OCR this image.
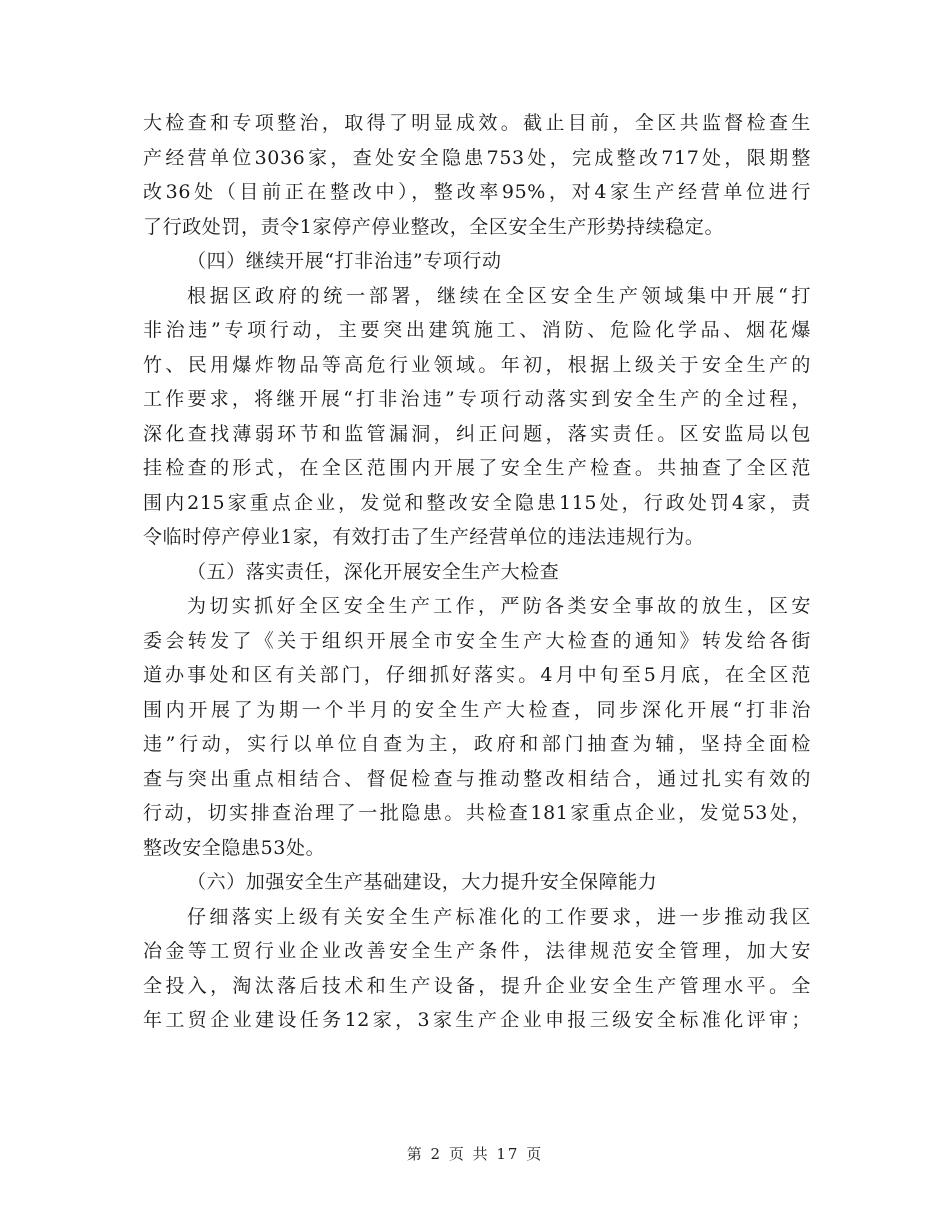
大检查和专项整治，取得了明显成效。截止目前，全区共监督检查生
产经营单位3036家，查处安全隐患753处，完成整改717处，限期整
改36处（目前正在整改中），整改率95%，对4家生产经营单位进行
了行政处罚，责令1家停产停业整改，全区安全生产形势持续稳定。
（四）继续开展“打非治违”专项行动
根据区政府的统一部署，继续在全区安全生产领域集中开展“打
非治违”专项行动，主要突出建筑施工、消防、危险化学品、烟花爆
竹、民用爆炸物品等高危行业领域。年初，根据上级关于安全生产的
工作要求，将继开展“打非治违”专项行动落实到安全生产的全过程，
深化查找薄弱环节和监管漏洞，纠正问题，落实责任。区安监局以包
挂检查的形式，在全区范围内开展了安全生产检查。共抽查了全区范
围内215家重点企业，发觉和整改安全隐患115处，行政处罚4家，责
令临时停产停业1家，有效打击了生产经营单位的违法违规行为。
（五）落实责任，深化开展安全生产大检查
为切实抓好全区安全生产工作，严防各类安全事故的放生，区安
委会转发了《关于组织开展全市安全生产大检查的通知》转发给各街
道办事处和区有关部门，仔细抓好落实。4月中旬至5月底，在全区范
围内开展了为期一个半月的安全生产大检查，同步深化开展“打非治
违”行动，实行以单位自查为主，政府和部门抽查为辅，坚持全面检
查与突出重点相结合、督促检查与推动整改相结合，通过扎实有效的
行动，切实排查治理了一批隐患。共检查181家重点企业，发觉53处，
整改安全隐患53处。
（六）加强安全生产基础建设，大力提升安全保障能力
仔细落实上级有关安全生产标准化的工作要求，进一步推动我区
冶金等工贸行业企业改善安全生产条件，法律规范安全管理，加大安
全投入，淘汰落后技术和生产设备，提升企业安全生产管理水平。全
年工贸企业建设任务12家，3家生产企业申报三级安全标准化评审；
第 2 页 共 17 页
